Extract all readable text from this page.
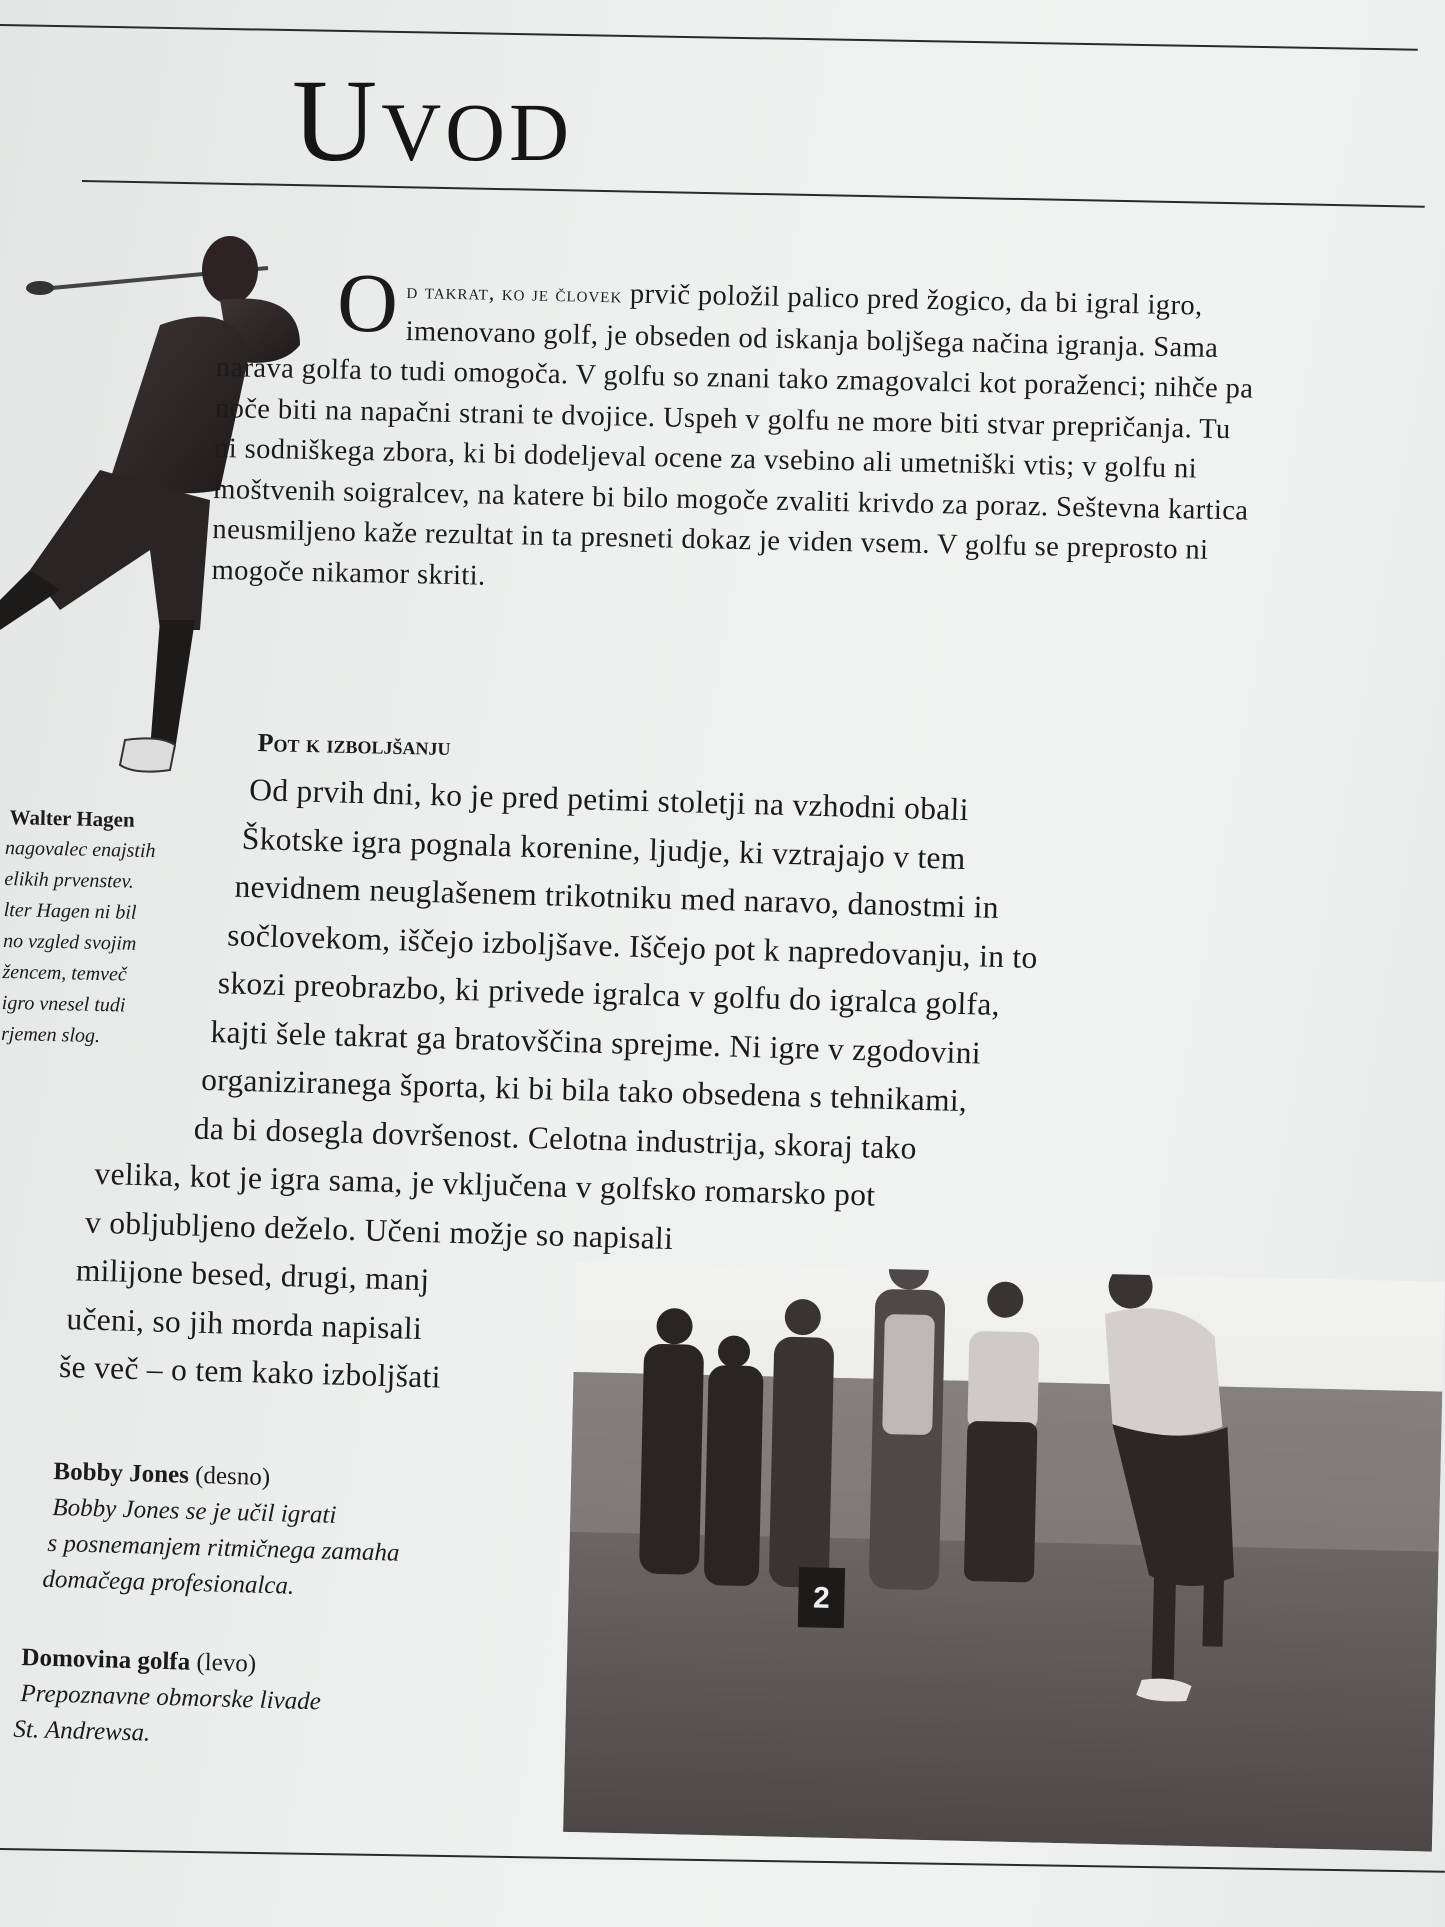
Uvod
O d takrat, ko je človek prvič položil palico pred žogico, da bi igral igro, imenovano golf, je obseden od iskanja boljšega načina igranja. Sama narava golfa to tudi omogoča. V golfu so znani tako zmagovalci kot poraženci; nihče pa noče biti na napačni strani te dvojice. Uspeh v golfu ne more biti stvar prepričanja. Tu ni sodniškega zbora, ki bi dodeljeval ocene za vsebino ali umetniški vtis; v golfu ni moštvenih soigralcev, na katere bi bilo mogoče zvaliti krivdo za poraz. Seštevna kartica neusmiljeno kaže rezultat in ta presneti dokaz je viden vsem. V golfu se preprosto ni mogoče nikamor skriti.
Pot k izboljšanju
Od prvih dni, ko je pred petimi stoletji na vzhodni obali
Škotske igra pognala korenine, ljudje, ki vztrajajo v tem
nevidnem neuglašenem trikotniku med naravo, danostmi in
sočlovekom, iščejo izboljšave. Iščejo pot k napredovanju, in to
skozi preobrazbo, ki privede igralca v golfu do igralca golfa,
kajti šele takrat ga bratovščina sprejme. Ni igre v zgodovini
organiziranega športa, ki bi bila tako obsedena s tehnikami,
da bi dosegla dovršenost. Celotna industrija, skoraj tako
velika, kot je igra sama, je vključena v golfsko romarsko pot
v obljubljeno deželo. Učeni možje so napisali
milijone besed, drugi, manj
učeni, so jih morda napisali
še več – o tem kako izboljšati
Walter Hagen
nagovalec enajstih
elikih prvenstev.
lter Hagen ni bil
no vzgled svojim
žencem, temveč
igro vnesel tudi
rjemen slog.
Bobby Jones (desno)
Bobby Jones se je učil igrati
s posnemanjem ritmičnega zamaha
domačega profesionalca.
Domovina golfa (levo)
Prepoznavne obmorske livade
St. Andrewsa.
2
